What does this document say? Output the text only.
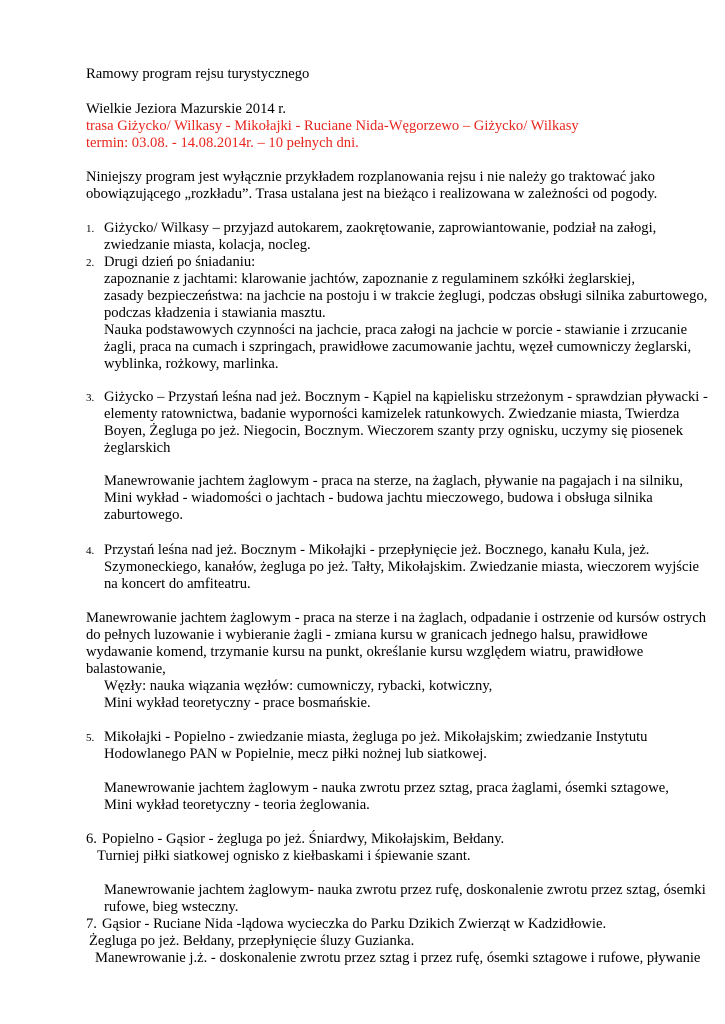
Ramowy program rejsu turystycznego
Wielkie Jeziora Mazurskie 2014 r.
trasa Giżycko/ Wilkasy - Mikołajki - Ruciane Nida-Węgorzewo – Giżycko/ Wilkasy
termin: 03.08. - 14.08.2014r. – 10 pełnych dni.
Niniejszy program jest wyłącznie przykładem rozplanowania rejsu i nie należy go traktować jako
obowiązującego „rozkładu”. Trasa ustalana jest na bieżąco i realizowana w zależności od pogody.
1. Giżycko/ Wilkasy – przyjazd autokarem, zaokrętowanie, zaprowiantowanie, podział na załogi,
zwiedzanie miasta, kolacja, nocleg.
2. Drugi dzień po śniadaniu:
zapoznanie z jachtami: klarowanie jachtów, zapoznanie z regulaminem szkółki żeglarskiej,
zasady bezpieczeństwa: na jachcie na postoju i w trakcie żeglugi, podczas obsługi silnika zaburtowego,
podczas kładzenia i stawiania masztu.
Nauka podstawowych czynności na jachcie, praca załogi na jachcie w porcie - stawianie i zrzucanie
żagli, praca na cumach i szpringach, prawidłowe zacumowanie jachtu, węzeł cumowniczy żeglarski,
wyblinka, rożkowy, marlinka.
3. Giżycko – Przystań leśna nad jeż. Bocznym - Kąpiel na kąpielisku strzeżonym - sprawdzian pływacki -
elementy ratownictwa, badanie wyporności kamizelek ratunkowych. Zwiedzanie miasta, Twierdza
Boyen, Żegluga po jeż. Niegocin, Bocznym. Wieczorem szanty przy ognisku, uczymy się piosenek
żeglarskich
Manewrowanie jachtem żaglowym - praca na sterze, na żaglach, pływanie na pagajach i na silniku,
Mini wykład - wiadomości o jachtach - budowa jachtu mieczowego, budowa i obsługa silnika
zaburtowego.
4. Przystań leśna nad jeż. Bocznym - Mikołajki - przepłynięcie jeż. Bocznego, kanału Kula, jeż.
Szymoneckiego, kanałów, żegluga po jeż. Tałty, Mikołajskim. Zwiedzanie miasta, wieczorem wyjście
na koncert do amfiteatru.
Manewrowanie jachtem żaglowym - praca na sterze i na żaglach, odpadanie i ostrzenie od kursów ostrych
do pełnych luzowanie i wybieranie żagli - zmiana kursu w granicach jednego halsu, prawidłowe
wydawanie komend, trzymanie kursu na punkt, określanie kursu względem wiatru, prawidłowe
balastowanie,
Węzły: nauka wiązania węzłów: cumowniczy, rybacki, kotwiczny,
Mini wykład teoretyczny - prace bosmańskie.
5. Mikołajki - Popielno - zwiedzanie miasta, żegluga po jeż. Mikołajskim; zwiedzanie Instytutu
Hodowlanego PAN w Popielnie, mecz piłki nożnej lub siatkowej.
Manewrowanie jachtem żaglowym - nauka zwrotu przez sztag, praca żaglami, ósemki sztagowe,
Mini wykład teoretyczny - teoria żeglowania.
6. Popielno - Gąsior - żegluga po jeż. Śniardwy, Mikołajskim, Bełdany.
Turniej piłki siatkowej ognisko z kiełbaskami i śpiewanie szant.
Manewrowanie jachtem żaglowym- nauka zwrotu przez rufę, doskonalenie zwrotu przez sztag, ósemki
rufowe, bieg wsteczny.
7. Gąsior - Ruciane Nida -lądowa wycieczka do Parku Dzikich Zwierząt w Kadzidłowie.
Żegluga po jeż. Bełdany, przepłynięcie śluzy Guzianka.
Manewrowanie j.ż. - doskonalenie zwrotu przez sztag i przez rufę, ósemki sztagowe i rufowe, pływanie
